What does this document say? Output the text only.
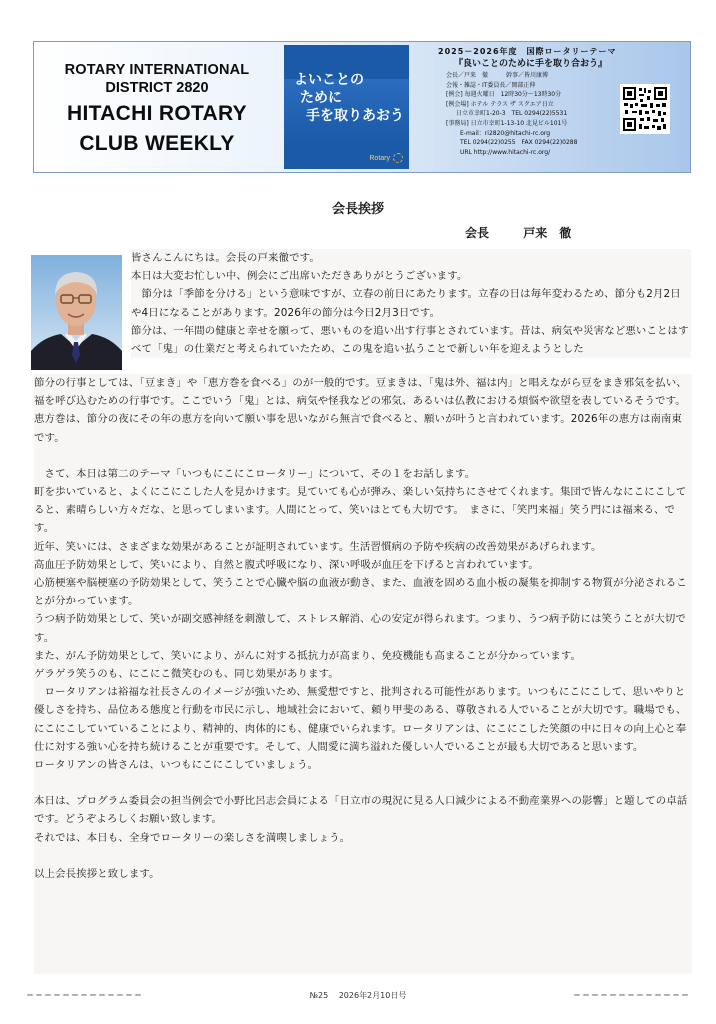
ROTARY INTERNATIONAL
DISTRICT 2820
HITACHI ROTARY
CLUB WEEKLY
よいことの
ために
手を取りあおう
Rotary
2025－2026年度　国際ロータリーテーマ
『良いことのために手を取り合おう』
会長／戸来　徹　　　幹事／皆川康博
会報・雑誌・IT委員長／岡部正伸
[例会] 毎週火曜日　12時30分～13時30分
[例会場] ホテル テラス ザ スクエア日立
日立市幸町1-20-3　TEL 0294(22)5531
[事務局] 日立市幸町1-13-10 北見ビル101号
E-mail：ri2820@hitachi-rc.org
TEL 0294(22)0255　FAX 0294(22)0288
URL http://www.hitachi-rc.org/
会長挨拶
会長	戸来　徹

皆さんこんにちは。会長の戸来徹です。

本日は大変お忙しい中、例会にご出席いただきありがとうございます。

　節分は「季節を分ける」という意味ですが、立春の前日にあたります。立春の日は毎年変わるため、節分も2月2日や4日になることがあります。2026年の節分は今日2月3日です。

節分は、一年間の健康と幸せを願って、悪いものを追い出す行事とされています。昔は、病気や災害など悪いことはすべて「鬼」の仕業だと考えられていたため、この鬼を追い払うことで新しい年を迎えようとした

節分の行事としては、「豆まき」や「恵方巻を食べる」のが一般的です。豆まきは、「鬼は外、福は内」と唱えながら豆をまき邪気を払い、福を呼び込むための行事です。ここでいう「鬼」とは、病気や怪我などの邪気、あるいは仏教における煩悩や欲望を表しているそうです。

恵方巻は、節分の夜にその年の恵方を向いて願い事を思いながら無言で食べると、願いが叶うと言われています。2026年の恵方は南南東です。

　さて、本日は第二のテーマ「いつもにこにこロータリー」について、その１をお話します。

町を歩いていると、よくにこにこした人を見かけます。見ていても心が弾み、楽しい気持ちにさせてくれます。集団で皆んなにこにこしてると、素晴らしい方々だな、と思ってしまいます。人間にとって、笑いはとても大切です。　まさに、「笑門来福」笑う門には福来る、です。

近年、笑いには、さまざまな効果があることが証明されています。生活習慣病の予防や疾病の改善効果があげられます。

高血圧予防効果として、笑いにより、自然と腹式呼吸になり、深い呼吸が血圧を下げると言われています。

心筋梗塞や脳梗塞の予防効果として、笑うことで心臓や脳の血液が動き、また、血液を固める血小板の凝集を抑制する物質が分泌されることが分かっています。

うつ病予防効果として、笑いが副交感神経を刺激して、ストレス解消、心の安定が得られます。つまり、うつ病予防には笑うことが大切です。

また、がん予防効果として、笑いにより、がんに対する抵抗力が高まり、免疫機能も高まることが分かっています。

ゲラゲラ笑うのも、にこにこ微笑むのも、同じ効果があります。

　ロータリアンは裕福な社長さんのイメージが強いため、無愛想ですと、批判される可能性があります。いつもにこにこして、思いやりと優しさを持ち、品位ある態度と行動を市民に示し、地域社会において、頼り甲斐のある、尊敬される人でいることが大切です。職場でも、にこにこしていていることにより、精神的、肉体的にも、健康でいられます。ロータリアンは、にこにこした笑顔の中に日々の向上心と奉仕に対する強い心を持ち続けることが重要です。そして、人間愛に満ち溢れた優しい人でいることが最も大切であると思います。

ロータリアンの皆さんは、いつもにこにこしていましょう。

本日は、プログラム委員会の担当例会で小野比呂志会員による「日立市の現況に見る人口減少による不動産業界への影響」と題しての卓話です。どうぞよろしくお願い致します。

それでは、本日も、全身でロータリーの楽しさを満喫しましょう。

以上会長挨拶と致します。

＝＝＝＝＝＝＝＝＝＝＝＝＝	№25 2026年2月10日号	＝＝＝＝＝＝＝＝＝＝＝＝＝
